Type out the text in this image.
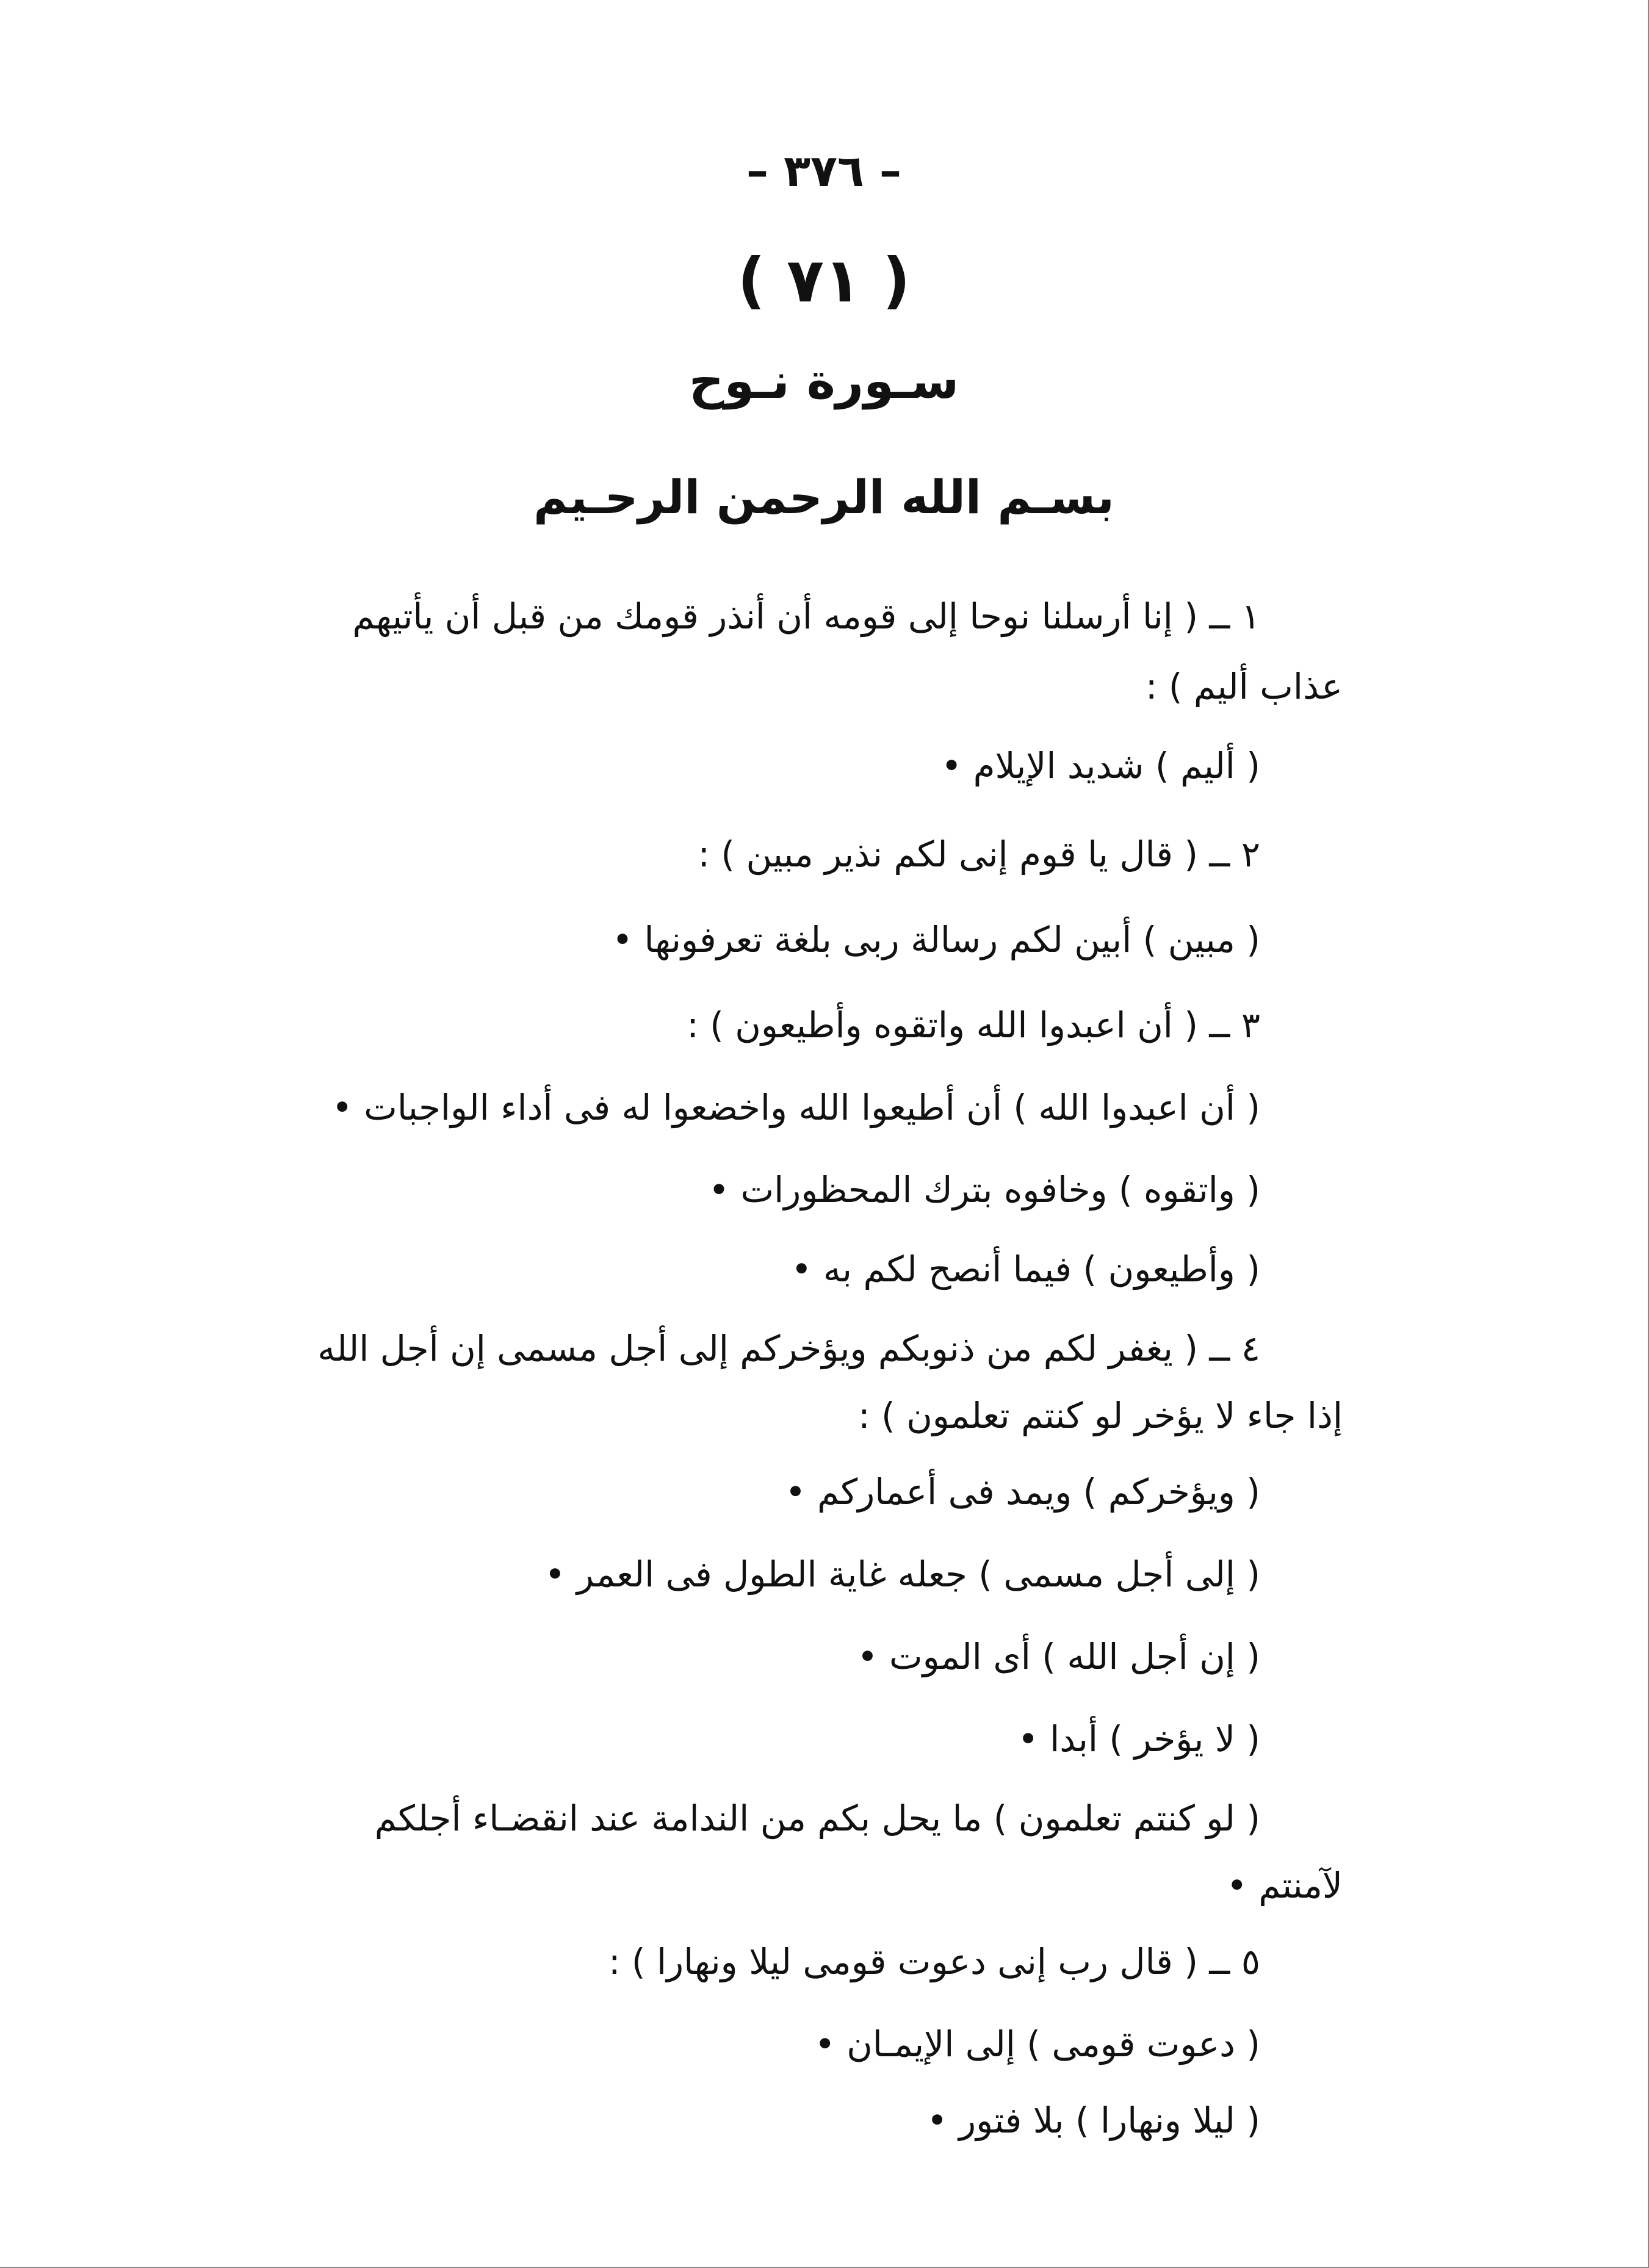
– ٣٧٦ –
( ٧١ )
سـورة نـوح
بسـم الله الرحمن الرحـيم
١ ــ ( إنا أرسلنا نوحا إلى قومه أن أنذر قومك من قبل أن يأتيهم
عذاب أليم ) :
( أليم ) شديد الإيلام •
٢ ــ ( قال يا قوم إنى لكم نذير مبين ) :
( مبين ) أبين لكم رسالة ربى بلغة تعرفونها •
٣ ــ ( أن اعبدوا الله واتقوه وأطيعون ) :
( أن اعبدوا الله ) أن أطيعوا الله واخضعوا له فى أداء الواجبات •
( واتقوه ) وخافوه بترك المحظورات •
( وأطيعون ) فيما أنصح لكم به •
٤ ــ ( يغفر لكم من ذنوبكم ويؤخركم إلى أجل مسمى إن أجل الله
إذا جاء لا يؤخر لو كنتم تعلمون ) :
( ويؤخركم ) ويمد فى أعماركم •
( إلى أجل مسمى ) جعله غاية الطول فى العمر •
( إن أجل الله ) أى الموت •
( لا يؤخر ) أبدا •
( لو كنتم تعلمون ) ما يحل بكم من الندامة عند انقضـاء أجلكم
لآمنتم •
٥ ــ ( قال رب إنى دعوت قومى ليلا ونهارا ) :
( دعوت قومى ) إلى الإيمـان •
( ليلا ونهارا ) بلا فتور •
